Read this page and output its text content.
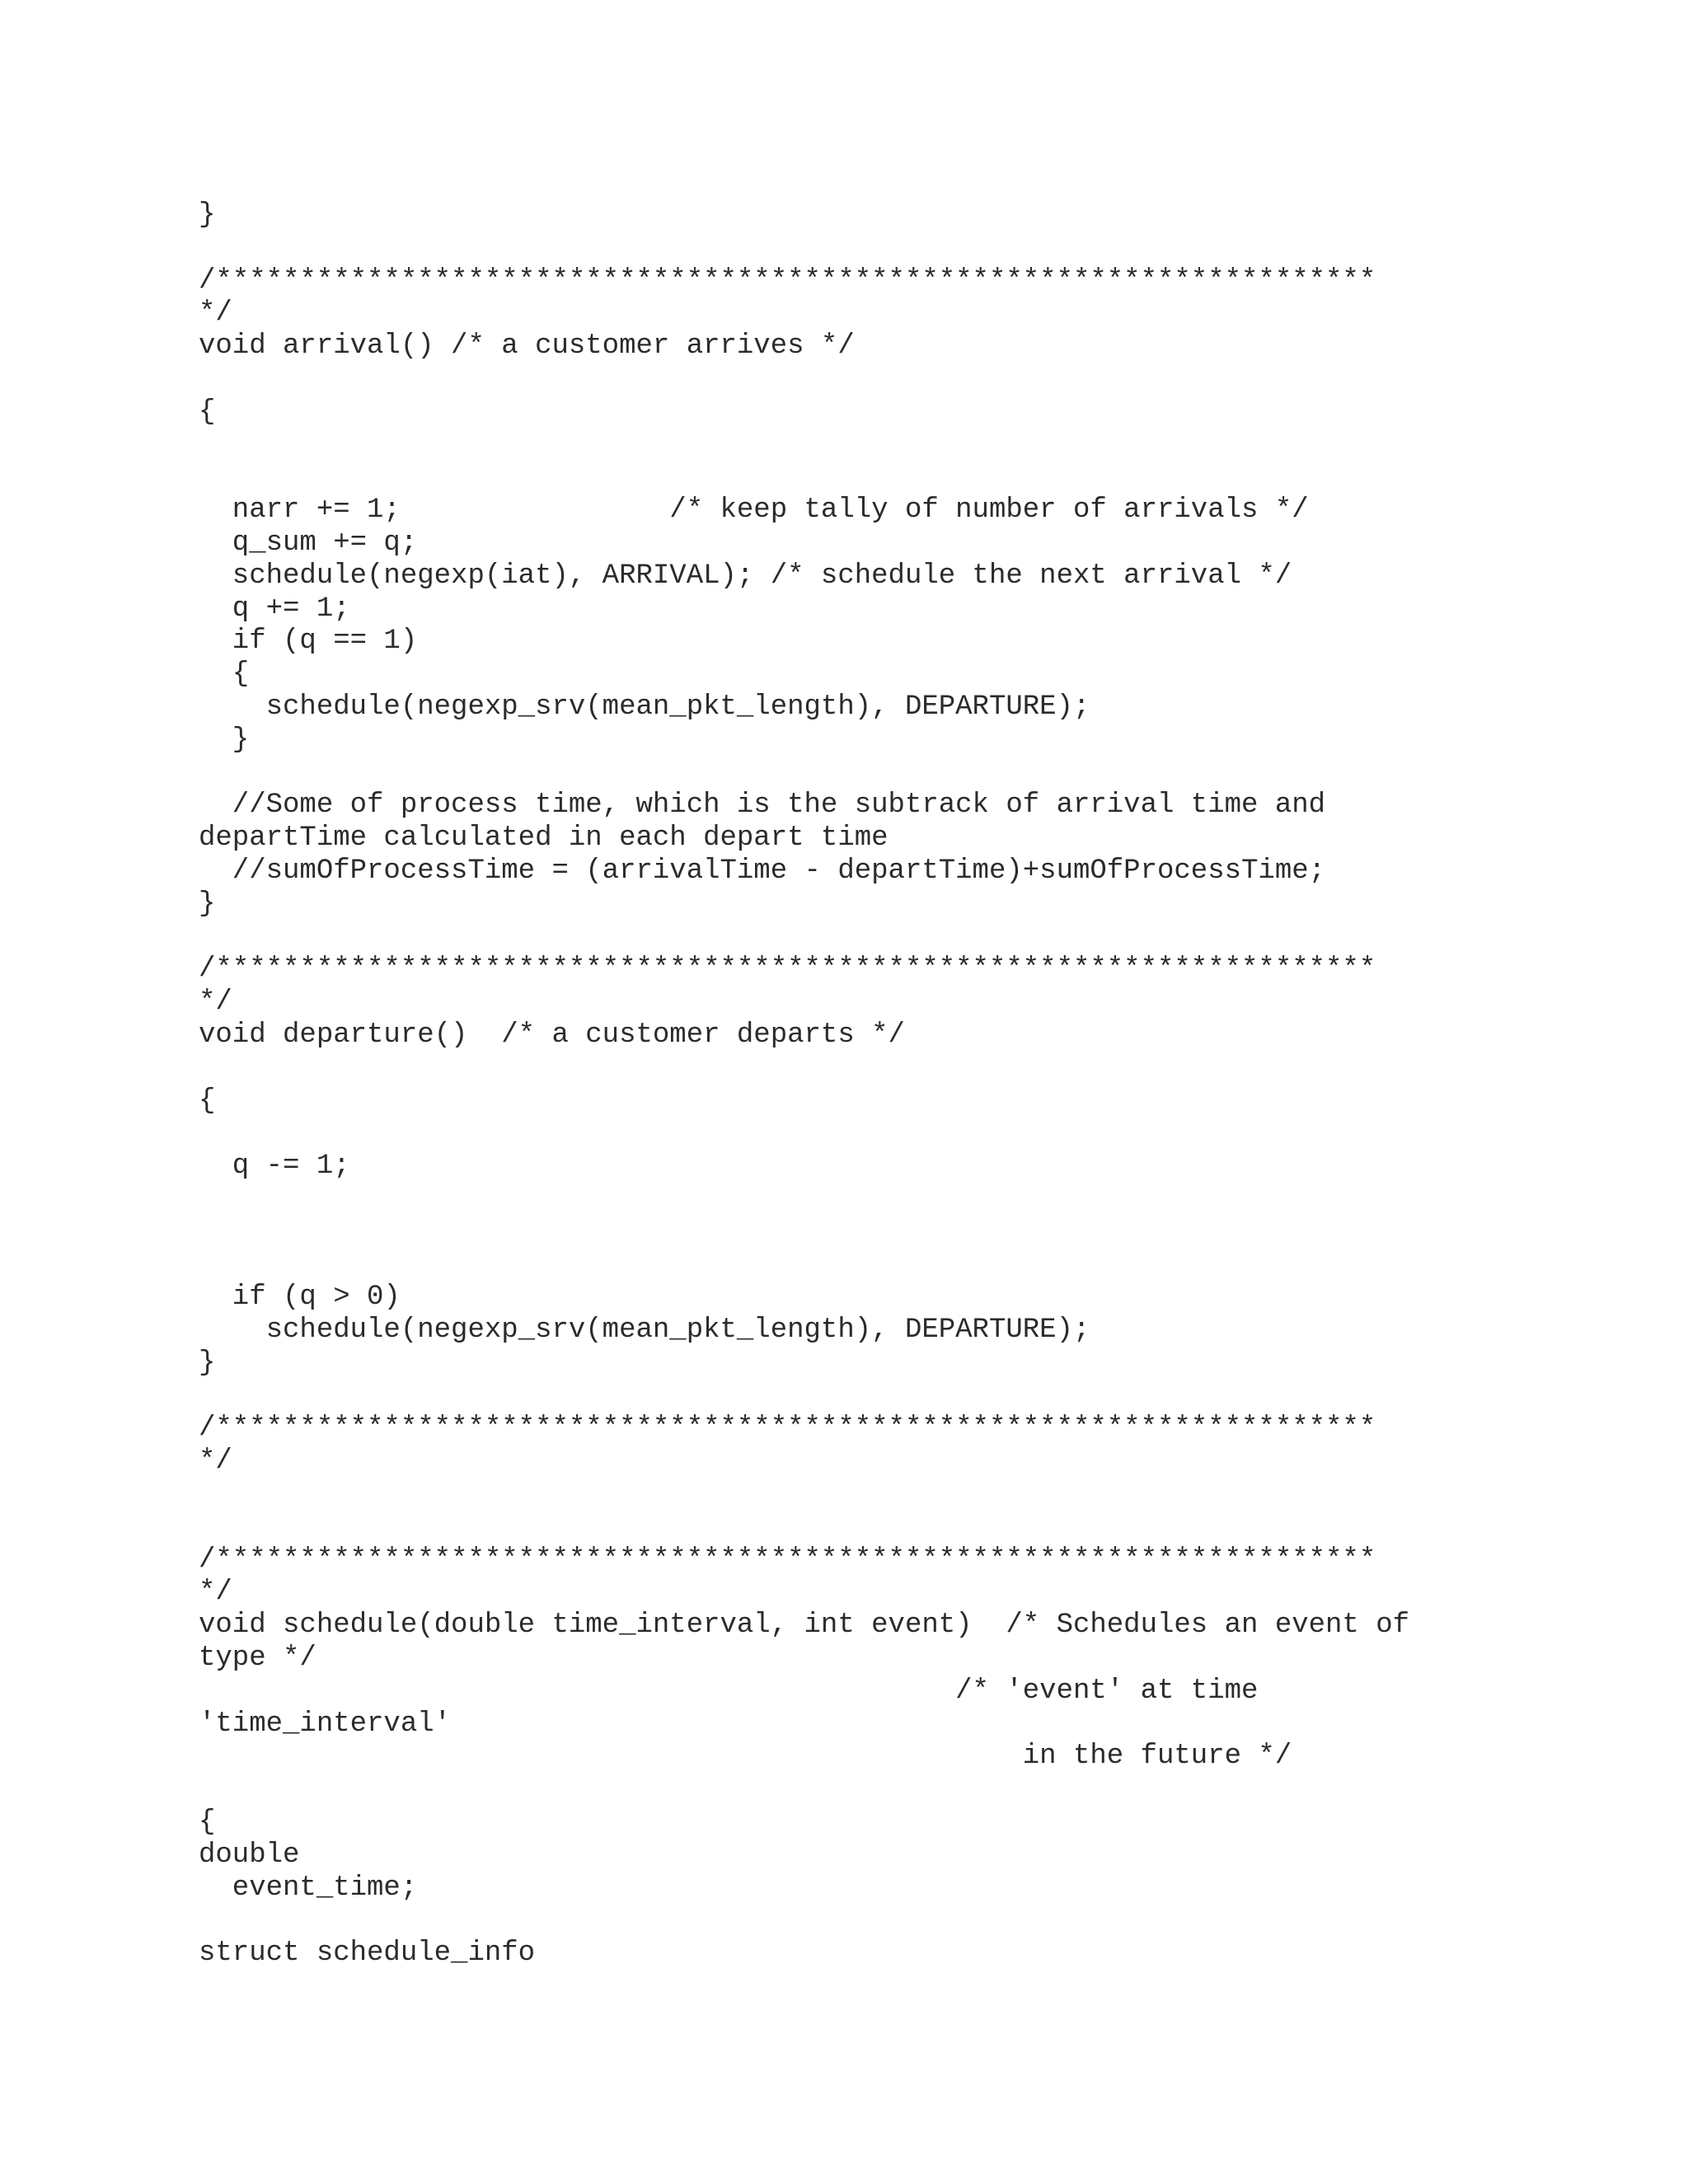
}
/*********************************************************************
*/
void arrival() /* a customer arrives */
{
narr += 1;                /* keep tally of number of arrivals */
q_sum += q;
schedule(negexp(iat), ARRIVAL); /* schedule the next arrival */
q += 1;
if (q == 1)
{
schedule(negexp_srv(mean_pkt_length), DEPARTURE);
}
//Some of process time, which is the subtrack of arrival time and
departTime calculated in each depart time
//sumOfProcessTime = (arrivalTime - departTime)+sumOfProcessTime;
}
/*********************************************************************
*/
void departure()  /* a customer departs */
{
q -= 1;
if (q > 0)
schedule(negexp_srv(mean_pkt_length), DEPARTURE);
}
/*********************************************************************
*/
/*********************************************************************
*/
void schedule(double time_interval, int event)  /* Schedules an event of
type */
/* 'event' at time
'time_interval'
in the future */
{
double
event_time;
struct schedule_info
